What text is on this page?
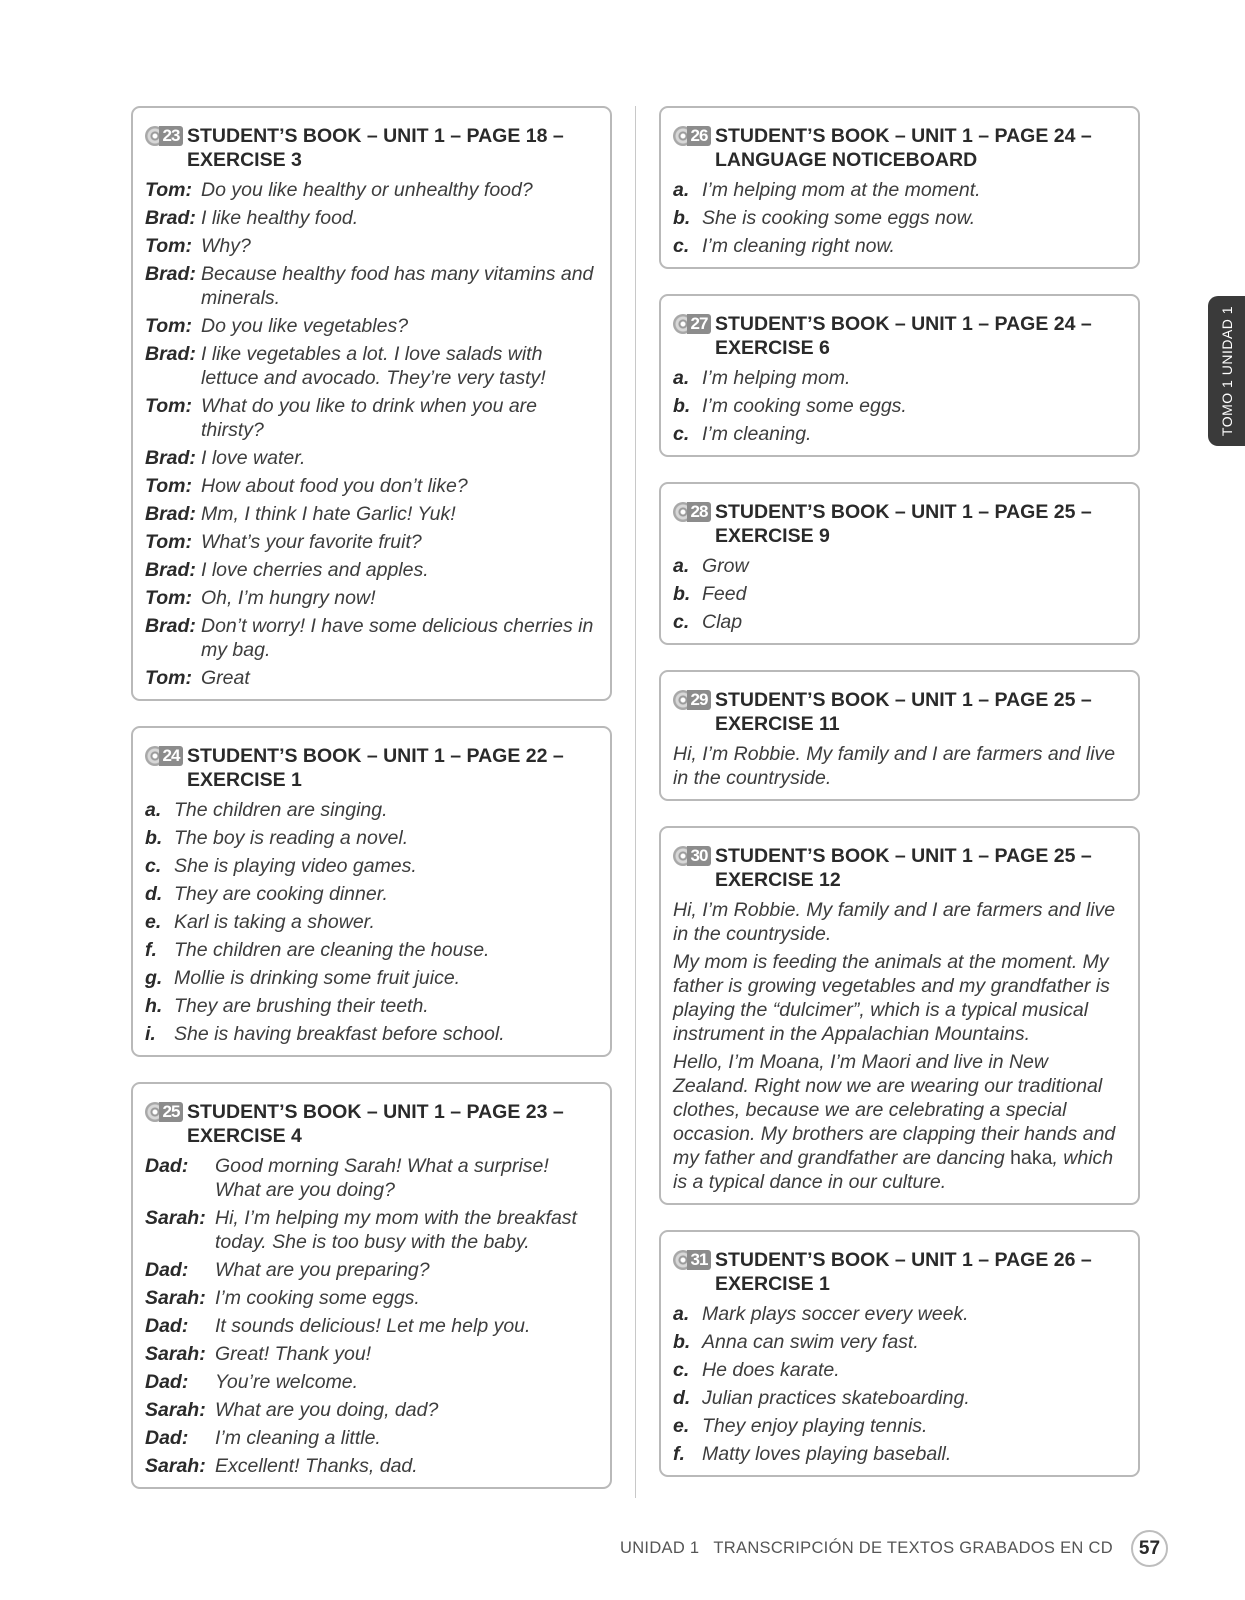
23 STUDENT’S BOOK – UNIT 1 – PAGE 18 – EXERCISE 3
Tom: Do you like healthy or unhealthy food?
Brad: I like healthy food.
Tom: Why?
Brad: Because healthy food has many vitamins and minerals.
Tom: Do you like vegetables?
Brad: I like vegetables a lot. I love salads with lettuce and avocado. They’re very tasty!
Tom: What do you like to drink when you are thirsty?
Brad: I love water.
Tom: How about food you don’t like?
Brad: Mm, I think I hate Garlic! Yuk!
Tom: What’s your favorite fruit?
Brad: I love cherries and apples.
Tom: Oh, I’m hungry now!
Brad: Don’t worry! I have some delicious cherries in my bag.
Tom: Great
24 STUDENT’S BOOK – UNIT 1 – PAGE 22 – EXERCISE 1
a. The children are singing.
b. The boy is reading a novel.
c. She is playing video games.
d. They are cooking dinner.
e. Karl is taking a shower.
f. The children are cleaning the house.
g. Mollie is drinking some fruit juice.
h. They are brushing their teeth.
i. She is having breakfast before school.
25 STUDENT’S BOOK – UNIT 1 – PAGE 23 – EXERCISE 4
Dad:	Good morning Sarah! What a surprise! What are you doing?
Sarah: Hi, I’m helping my mom with the breakfast today. She is too busy with the baby.
Dad:	What are you preparing?
Sarah: I’m cooking some eggs.
Dad:	It sounds delicious! Let me help you.
Sarah: Great! Thank you!
Dad:	You’re welcome.
Sarah: What are you doing, dad?
Dad:	I’m cleaning a little.
Sarah: Excellent! Thanks, dad.
26 STUDENT’S BOOK – UNIT 1 – PAGE 24 – LANGUAGE NOTICEBOARD
a. I’m helping mom at the moment.
b. She is cooking some eggs now.
c. I’m cleaning right now.
27 STUDENT’S BOOK – UNIT 1 – PAGE 24 – EXERCISE 6
a. I’m helping mom.
b. I’m cooking some eggs.
c. I’m cleaning.
28 STUDENT’S BOOK – UNIT 1 – PAGE 25 – EXERCISE 9
a. Grow
b. Feed
c. Clap
29 STUDENT’S BOOK – UNIT 1 – PAGE 25 – EXERCISE 11
Hi, I’m Robbie. My family and I are farmers and live in the countryside.
30 STUDENT’S BOOK – UNIT 1 – PAGE 25 – EXERCISE 12
Hi, I’m Robbie. My family and I are farmers and live in the countryside.
My mom is feeding the animals at the moment. My father is growing vegetables and my grandfather is playing the “dulcimer”, which is a typical musical instrument in the Appalachian Mountains.
Hello, I’m Moana, I’m Maori and live in New Zealand. Right now we are wearing our traditional clothes, because we are celebrating a special occasion. My brothers are clapping their hands and my father and grandfather are dancing haka, which is a typical dance in our culture.
31 STUDENT’S BOOK – UNIT 1 – PAGE 26 – EXERCISE 1
a. Mark plays soccer every week.
b. Anna can swim very fast.
c. He does karate.
d. Julian practices skateboarding.
e. They enjoy playing tennis.
f. Matty loves playing baseball.
TOMO 1 UNIDAD 1
UNIDAD 1 TRANSCRIPCIÓN DE TEXTOS GRABADOS EN CD	57
